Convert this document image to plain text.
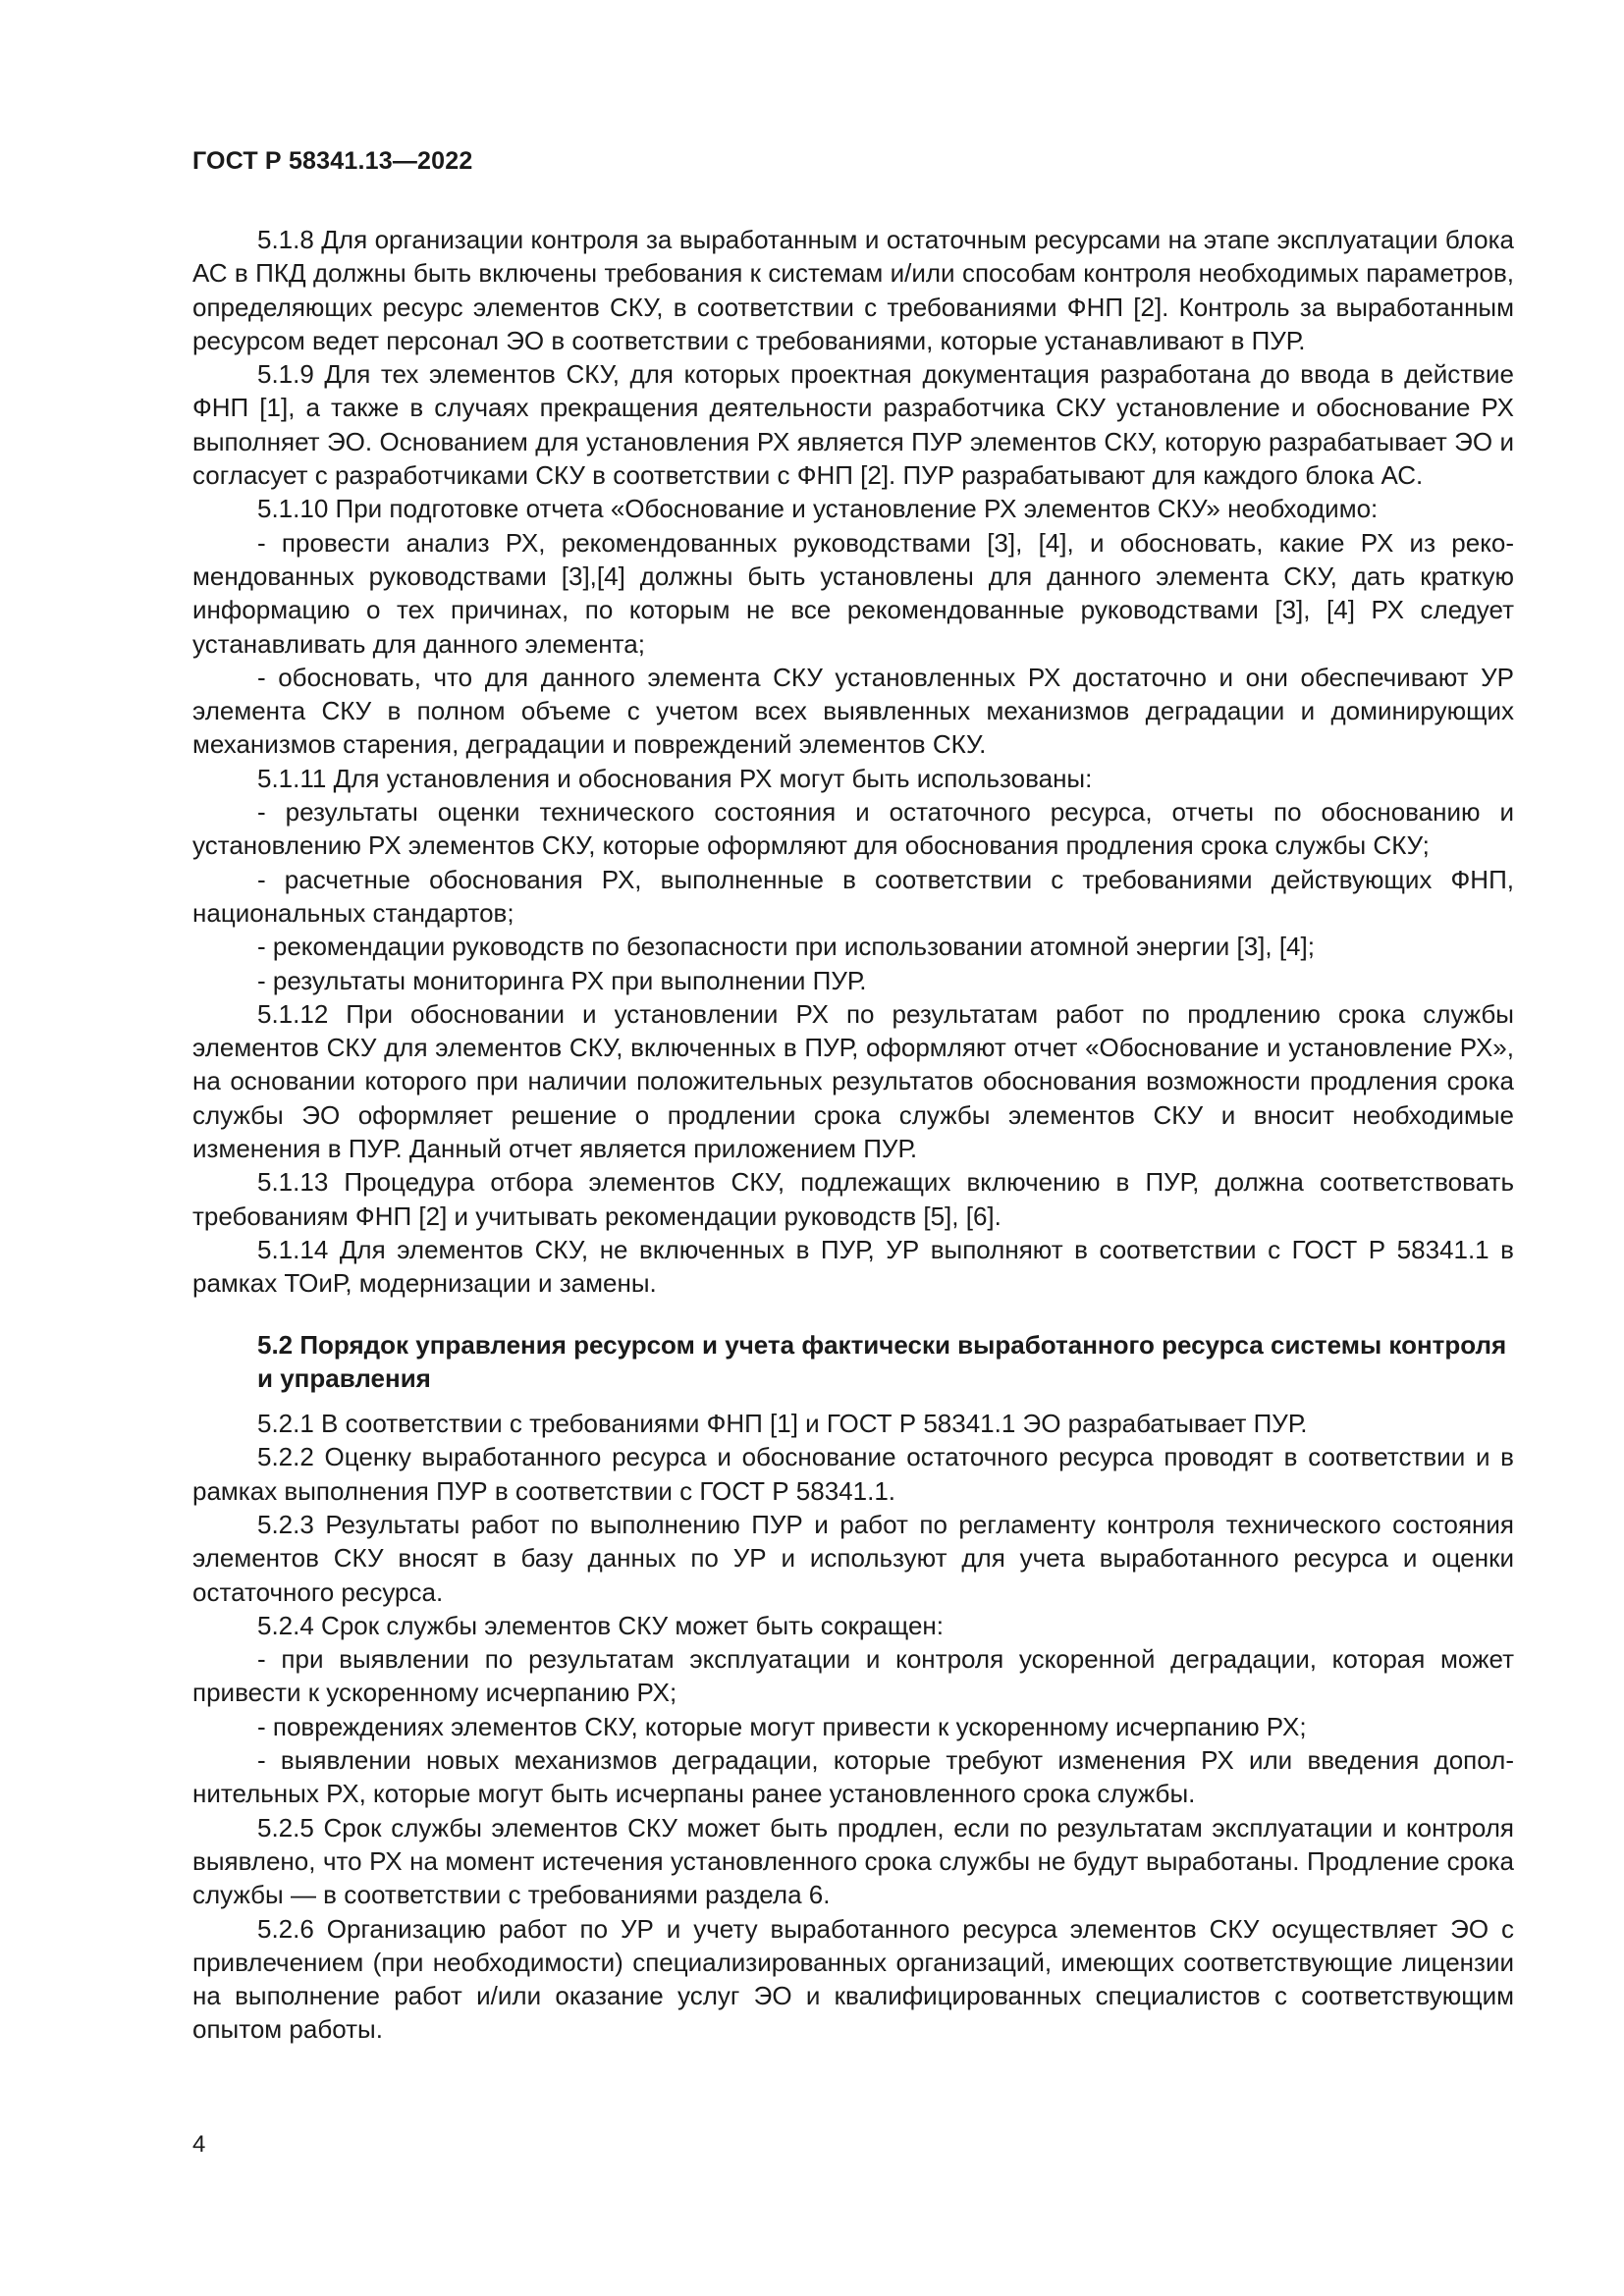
ГОСТ Р 58341.13—2022

5.1.8 Для организации контроля за выработанным и остаточным ресурсами на этапе эксплуатации блока АС в ПКД должны быть включены требования к системам и/или способам контроля необходимых параметров, определяющих ресурс элементов СКУ, в соответствии с требованиями ФНП [2]. Контроль за выработанным ресурсом ведет персонал ЭО в соответствии с требованиями, которые устанавливают в ПУР.

5.1.9 Для тех элементов СКУ, для которых проектная документация разработана до ввода в действие ФНП [1], а также в случаях прекращения деятельности разработчика СКУ установление и обоснование РХ выполняет ЭО. Основанием для установления РХ является ПУР элементов СКУ, которую разрабатывает ЭО и согласует с разработчиками СКУ в соответствии с ФНП [2]. ПУР разрабатывают для каждого блока АС.

5.1.10 При подготовке отчета «Обоснование и установление РХ элементов СКУ» необходимо:

- провести анализ РХ, рекомендованных руководствами [3], [4], и обосновать, какие РХ из рекомендованных руководствами [3],[4] должны быть установлены для данного элемента СКУ, дать краткую информацию о тех причинах, по которым не все рекомендованные руководствами [3], [4] РХ следует устанавливать для данного элемента;

- обосновать, что для данного элемента СКУ установленных РХ достаточно и они обеспечивают УР элемента СКУ в полном объеме с учетом всех выявленных механизмов деградации и доминирующих механизмов старения, деградации и повреждений элементов СКУ.

5.1.11 Для установления и обоснования РХ могут быть использованы:

- результаты оценки технического состояния и остаточного ресурса, отчеты по обоснованию и установлению РХ элементов СКУ, которые оформляют для обоснования продления срока службы СКУ;

- расчетные обоснования РХ, выполненные в соответствии с требованиями действующих ФНП, национальных стандартов;

- рекомендации руководств по безопасности при использовании атомной энергии [3], [4];

- результаты мониторинга РХ при выполнении ПУР.

5.1.12 При обосновании и установлении РХ по результатам работ по продлению срока службы элементов СКУ для элементов СКУ, включенных в ПУР, оформляют отчет «Обоснование и установление РХ», на основании которого при наличии положительных результатов обоснования возможности продления срока службы ЭО оформляет решение о продлении срока службы элементов СКУ и вносит необходимые изменения в ПУР. Данный отчет является приложением ПУР.

5.1.13 Процедура отбора элементов СКУ, подлежащих включению в ПУР, должна соответствовать требованиям ФНП [2] и учитывать рекомендации руководств [5], [6].

5.1.14 Для элементов СКУ, не включенных в ПУР, УР выполняют в соответствии с ГОСТ Р 58341.1 в рамках ТОиР, модернизации и замены.

5.2 Порядок управления ресурсом и учета фактически выработанного ресурса системы контроля и управления

5.2.1 В соответствии с требованиями ФНП [1] и ГОСТ Р 58341.1 ЭО разрабатывает ПУР.

5.2.2 Оценку выработанного ресурса и обоснование остаточного ресурса проводят в соответствии и в рамках выполнения ПУР в соответствии с ГОСТ Р 58341.1.

5.2.3 Результаты работ по выполнению ПУР и работ по регламенту контроля технического состояния элементов СКУ вносят в базу данных по УР и используют для учета выработанного ресурса и оценки остаточного ресурса.

5.2.4 Срок службы элементов СКУ может быть сокращен:

- при выявлении по результатам эксплуатации и контроля ускоренной деградации, которая может привести к ускоренному исчерпанию РХ;

- повреждениях элементов СКУ, которые могут привести к ускоренному исчерпанию РХ;

- выявлении новых механизмов деградации, которые требуют изменения РХ или введения дополнительных РХ, которые могут быть исчерпаны ранее установленного срока службы.

5.2.5 Срок службы элементов СКУ может быть продлен, если по результатам эксплуатации и контроля выявлено, что РХ на момент истечения установленного срока службы не будут выработаны. Продление срока службы — в соответствии с требованиями раздела 6.

5.2.6 Организацию работ по УР и учету выработанного ресурса элементов СКУ осуществляет ЭО с привлечением (при необходимости) специализированных организаций, имеющих соответствующие лицензии на выполнение работ и/или оказание услуг ЭО и квалифицированных специалистов с соответствующим опытом работы.

4
